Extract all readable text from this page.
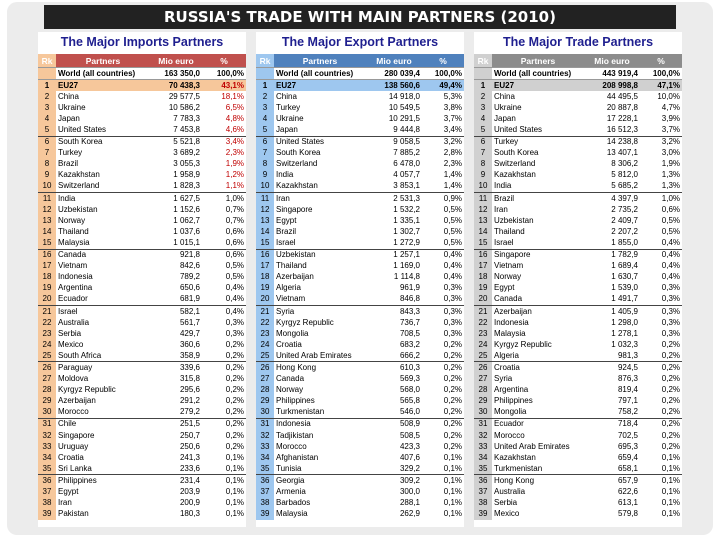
RUSSIA'S TRADE WITH MAIN PARTNERS (2010)
The Major Imports Partners
Rk	Partners	Mio euro	%
	World (all countries)	163 350,0	100,0%
1	EU27	70 438,3	43,1%
2	China	29 577,5	18,1%
3	Ukraine	10 586,2	6,5%
4	Japan	7 783,3	4,8%
5	United States	7 453,8	4,6%
6	South Korea	5 521,8	3,4%
7	Turkey	3 689,2	2,3%
8	Brazil	3 055,3	1,9%
9	Kazakhstan	1 958,9	1,2%
10	Switzerland	1 828,3	1,1%
11	India	1 627,5	1,0%
12	Uzbekistan	1 152,6	0,7%
13	Norway	1 062,7	0,7%
14	Thailand	1 037,6	0,6%
15	Malaysia	1 015,1	0,6%
16	Canada	921,8	0,6%
17	Vietnam	842,6	0,5%
18	Indonesia	789,2	0,5%
19	Argentina	650,6	0,4%
20	Ecuador	681,9	0,4%
21	Israel	582,1	0,4%
22	Australia	561,7	0,3%
23	Serbia	429,7	0,3%
24	Mexico	360,6	0,2%
25	South Africa	358,9	0,2%
26	Paraguay	339,6	0,2%
27	Moldova	315,8	0,2%
28	Kyrgyz Republic	295,6	0,2%
29	Azerbaijan	291,2	0,2%
30	Morocco	279,2	0,2%
31	Chile	251,5	0,2%
32	Singapore	250,7	0,2%
33	Uruguay	250,6	0,2%
34	Croatia	241,3	0,1%
35	Sri Lanka	233,6	0,1%
36	Philippines	231,4	0,1%
37	Egypt	203,9	0,1%
38	Iran	200,9	0,1%
39	Pakistan	180,3	0,1%
The Major Export Partners
Rk	Partners	Mio euro	%
	World (all countries)	280 039,4	100,0%
1	EU27	138 560,6	49,4%
2	China	14 918,0	5,3%
3	Turkey	10 549,5	3,8%
4	Ukraine	10 291,5	3,7%
5	Japan	9 444,8	3,4%
6	United States	9 058,5	3,2%
7	South Korea	7 885,2	2,8%
8	Switzerland	6 478,0	2,3%
9	India	4 057,7	1,4%
10	Kazakhstan	3 853,1	1,4%
11	Iran	2 531,3	0,9%
12	Singapore	1 532,2	0,5%
13	Egypt	1 335,1	0,5%
14	Brazil	1 302,7	0,5%
15	Israel	1 272,9	0,5%
16	Uzbekistan	1 257,1	0,4%
17	Thailand	1 169,0	0,4%
18	Azerbaijan	1 114,8	0,4%
19	Algeria	961,9	0,3%
20	Vietnam	846,8	0,3%
21	Syria	843,3	0,3%
22	Kyrgyz Republic	736,7	0,3%
23	Mongolia	708,5	0,3%
24	Croatia	683,2	0,2%
25	United Arab Emirates	666,2	0,2%
26	Hong Kong	610,3	0,2%
27	Canada	569,3	0,2%
28	Norway	568,0	0,2%
29	Philippines	565,8	0,2%
30	Turkmenistan	546,0	0,2%
31	Indonesia	508,9	0,2%
32	Tadjikistan	508,5	0,2%
33	Morocco	423,3	0,2%
34	Afghanistan	407,6	0,1%
35	Tunisia	329,2	0,1%
36	Georgia	309,2	0,1%
37	Armenia	300,0	0,1%
38	Barbados	288,1	0,1%
39	Malaysia	262,9	0,1%
The Major Trade Partners
Rk	Partners	Mio euro	%
	World (all countries)	443 919,4	100,0%
1	EU27	208 998,8	47,1%
2	China	44 495,5	10,0%
3	Ukraine	20 887,8	4,7%
4	Japan	17 228,1	3,9%
5	United States	16 512,3	3,7%
6	Turkey	14 238,8	3,2%
7	South Korea	13 407,1	3,0%
8	Switzerland	8 306,2	1,9%
9	Kazakhstan	5 812,0	1,3%
10	India	5 685,2	1,3%
11	Brazil	4 397,9	1,0%
12	Iran	2 735,2	0,6%
13	Uzbekistan	2 409,7	0,5%
14	Thailand	2 207,2	0,5%
15	Israel	1 855,0	0,4%
16	Singapore	1 782,9	0,4%
17	Vietnam	1 689,4	0,4%
18	Norway	1 630,7	0,4%
19	Egypt	1 539,0	0,3%
20	Canada	1 491,7	0,3%
21	Azerbaijan	1 405,9	0,3%
22	Indonesia	1 298,0	0,3%
23	Malaysia	1 278,1	0,3%
24	Kyrgyz Republic	1 032,3	0,2%
25	Algeria	981,3	0,2%
26	Croatia	924,5	0,2%
27	Syria	876,3	0,2%
28	Argentina	819,4	0,2%
29	Philippines	797,1	0,2%
30	Mongolia	758,2	0,2%
31	Ecuador	718,4	0,2%
32	Morocco	702,5	0,2%
33	United Arab Emirates	695,3	0,2%
34	Kazakhstan	659,4	0,1%
35	Turkmenistan	658,1	0,1%
36	Hong Kong	657,9	0,1%
37	Australia	622,6	0,1%
38	Serbia	613,1	0,1%
39	Mexico	579,8	0,1%
